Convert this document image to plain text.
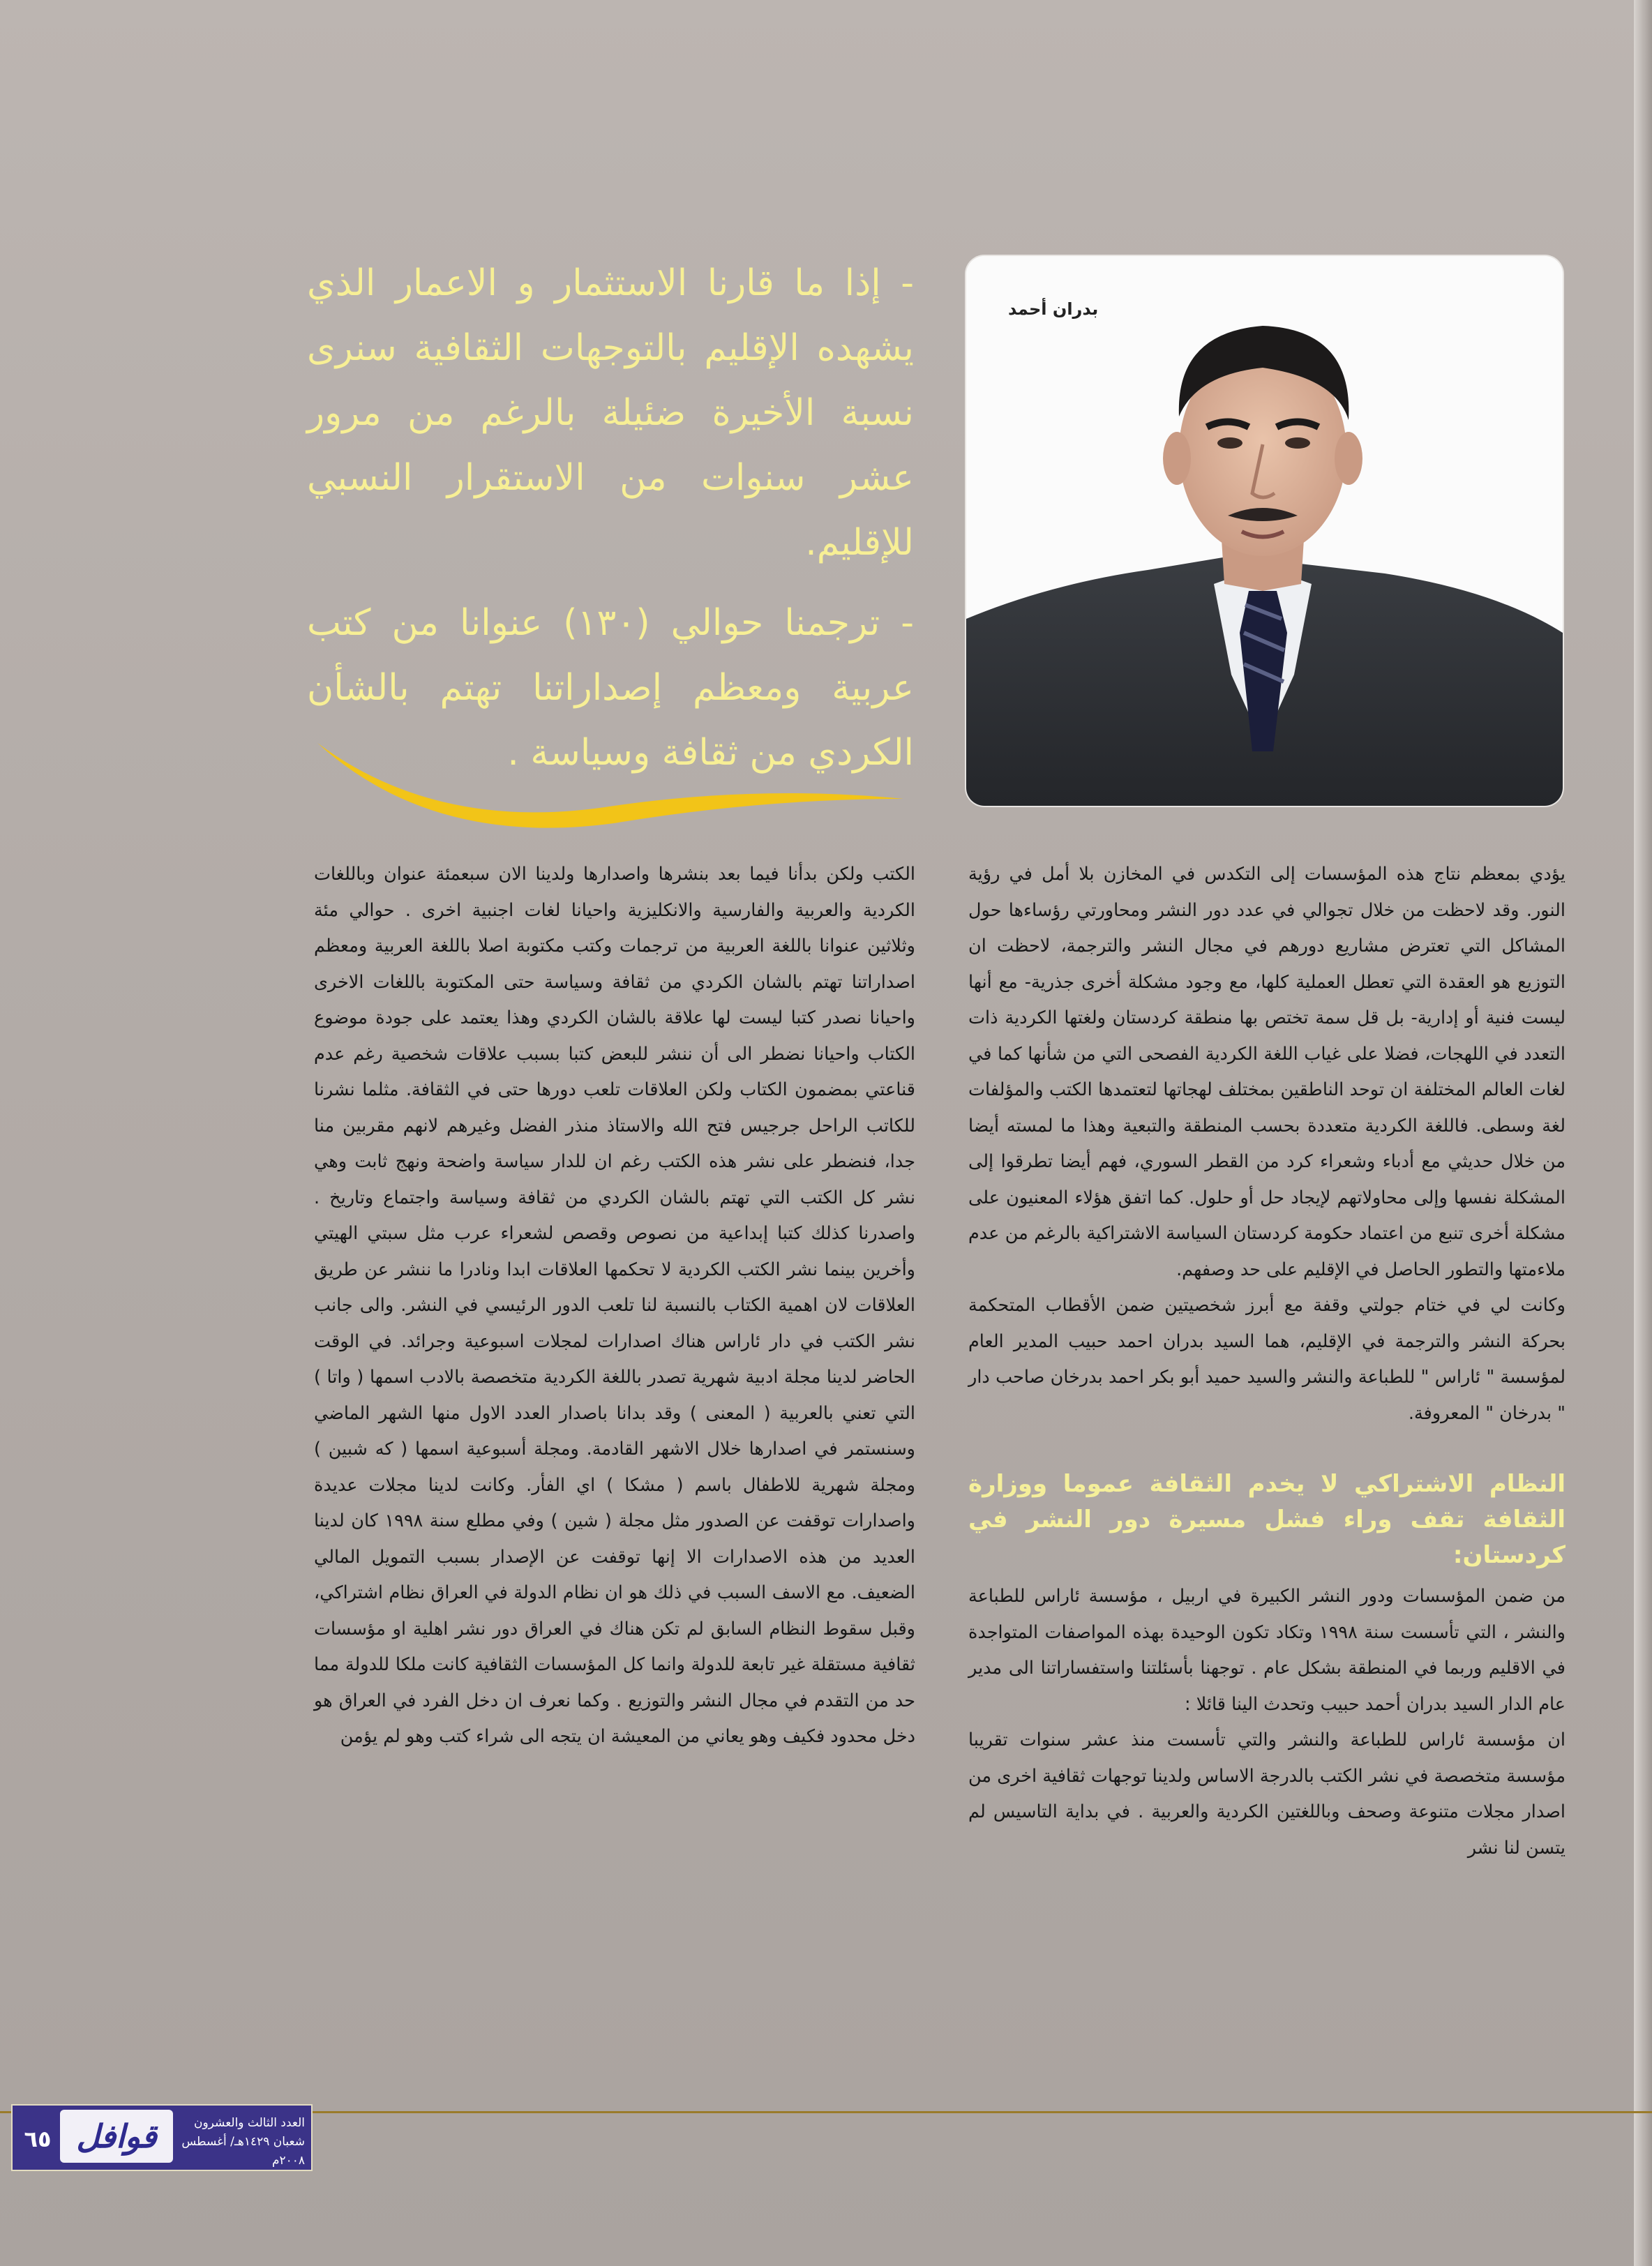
بدران أحمد

- إذا ما قارنا الاستثمار و الاعمار الذي يشهده الإقليم بالتوجهات الثقافية سنرى نسبة الأخيرة ضئيلة بالرغم من مرور عشر سنوات من الاستقرار النسبي للإقليم.

- ترجمنا حوالي (١٣٠) عنوانا من كتب عربية ومعظم إصداراتنا تهتم بالشأن الكردي من ثقافة وسياسة .

يؤدي بمعظم نتاج هذه المؤسسات إلى التكدس في المخازن بلا أمل في رؤية النور. وقد لاحظت من خلال تجوالي في عدد دور النشر ومحاورتي رؤساءها حول المشاكل التي تعترض مشاريع دورهم في مجال النشر والترجمة، لاحظت ان التوزيع هو العقدة التي تعطل العملية كلها، مع وجود مشكلة أخرى جذرية- مع أنها ليست فنية أو إدارية- بل قل سمة تختص بها منطقة كردستان ولغتها الكردية ذات التعدد في اللهجات، فضلا على غياب اللغة الكردية الفصحى التي من شأنها كما في لغات العالم المختلفة ان توحد الناطقين بمختلف لهجاتها لتعتمدها الكتب والمؤلفات لغة وسطى. فاللغة الكردية متعددة بحسب المنطقة والتبعية وهذا ما لمسته أيضا من خلال حديثي مع أدباء وشعراء كرد من القطر السوري، فهم أيضا تطرقوا إلى المشكلة نفسها وإلى محاولاتهم لإيجاد حل أو حلول. كما اتفق هؤلاء المعنيون على مشكلة أخرى تنبع من اعتماد حكومة كردستان السياسة الاشتراكية بالرغم من عدم ملاءمتها والتطور الحاصل في الإقليم على حد وصفهم.

وكانت لي في ختام جولتي وقفة مع أبرز شخصيتين ضمن الأقطاب المتحكمة بحركة النشر والترجمة في الإقليم، هما السيد بدران احمد حبيب المدير العام لمؤسسة " ئاراس " للطباعة والنشر والسيد حميد أبو بكر احمد بدرخان صاحب دار " بدرخان " المعروفة.

النظام الاشتراكي لا يخدم الثقافة عموما ووزارة الثقافة تقف وراء فشل مسيرة دور النشر في كردستان:

من ضمن المؤسسات ودور النشر الكبيرة في اربيل ، مؤسسة ئاراس للطباعة والنشر ، التي تأسست سنة ١٩٩٨ وتكاد تكون الوحيدة بهذه المواصفات المتواجدة في الاقليم وربما في المنطقة بشكل عام . توجهنا بأسئلتنا واستفساراتنا الى مدير عام الدار السيد بدران أحمد حبيب وتحدث الينا قائلا :

ان مؤسسة ئاراس للطباعة والنشر والتي تأسست منذ عشر سنوات تقريبا مؤسسة متخصصة في نشر الكتب بالدرجة الاساس ولدينا توجهات ثقافية اخرى من اصدار مجلات متنوعة وصحف وباللغتين الكردية والعربية . في بداية التاسيس لم يتسن لنا نشر

الكتب ولكن بدأنا فيما بعد بنشرها واصدارها ولدينا الان سبعمئة عنوان وباللغات الكردية والعربية والفارسية والانكليزية واحيانا لغات اجنبية اخرى . حوالي مئة وثلاثين عنوانا باللغة العربية من ترجمات وكتب مكتوبة اصلا باللغة العربية ومعظم اصداراتنا تهتم بالشان الكردي من ثقافة وسياسة حتى المكتوبة باللغات الاخرى واحيانا نصدر كتبا ليست لها علاقة بالشان الكردي وهذا يعتمد على جودة موضوع الكتاب واحيانا نضطر الى أن ننشر للبعض كتبا بسبب علاقات شخصية رغم عدم قناعتي بمضمون الكتاب ولكن العلاقات تلعب دورها حتى في الثقافة. مثلما نشرنا للكاتب الراحل جرجيس فتح الله والاستاذ منذر الفضل وغيرهم لانهم مقربين منا جدا، فنضطر على نشر هذه الكتب رغم ان للدار سياسة واضحة ونهج ثابت وهي نشر كل الكتب التي تهتم بالشان الكردي من ثقافة وسياسة واجتماع وتاريخ . واصدرنا كذلك كتبا إبداعية من نصوص وقصص لشعراء عرب مثل سبتي الهيتي وأخرين بينما نشر الكتب الكردية لا تحكمها العلاقات ابدا ونادرا ما ننشر عن طريق العلاقات لان اهمية الكتاب بالنسبة لنا تلعب الدور الرئيسي في النشر. والى جانب نشر الكتب في دار ئاراس هناك اصدارات لمجلات اسبوعية وجرائد. في الوقت الحاضر لدينا مجلة ادبية شهرية تصدر باللغة الكردية متخصصة بالادب اسمها ( واتا ) التي تعني بالعربية ( المعنى ) وقد بدانا باصدار العدد الاول منها الشهر الماضي وسنستمر في اصدارها خلال الاشهر القادمة. ومجلة أسبوعية اسمها ( كه شبين ) ومجلة شهرية للاطفال باسم ( مشكا ) اي الفأر. وكانت لدينا مجلات عديدة واصدارات توقفت عن الصدور مثل مجلة ( شين ) وفي مطلع سنة ١٩٩٨ كان لدينا العديد من هذه الاصدارات الا إنها توقفت عن الإصدار بسبب التمويل المالي الضعيف. مع الاسف السبب في ذلك هو ان نظام الدولة في العراق نظام اشتراكي، وقبل سقوط النظام السابق لم تكن هناك في العراق دور نشر اهلية او مؤسسات ثقافية مستقلة غير تابعة للدولة وانما كل المؤسسات الثقافية كانت ملكا للدولة مما حد من التقدم في مجال النشر والتوزيع . وكما نعرف ان دخل الفرد في العراق هو دخل محدود فكيف وهو يعاني من المعيشة ان يتجه الى شراء كتب وهو لم يؤمن

٦٥ قوافل	العدد الثالث والعشرون
شعبان ١٤٢٩هـ/ أغسطس ٢٠٠٨م
